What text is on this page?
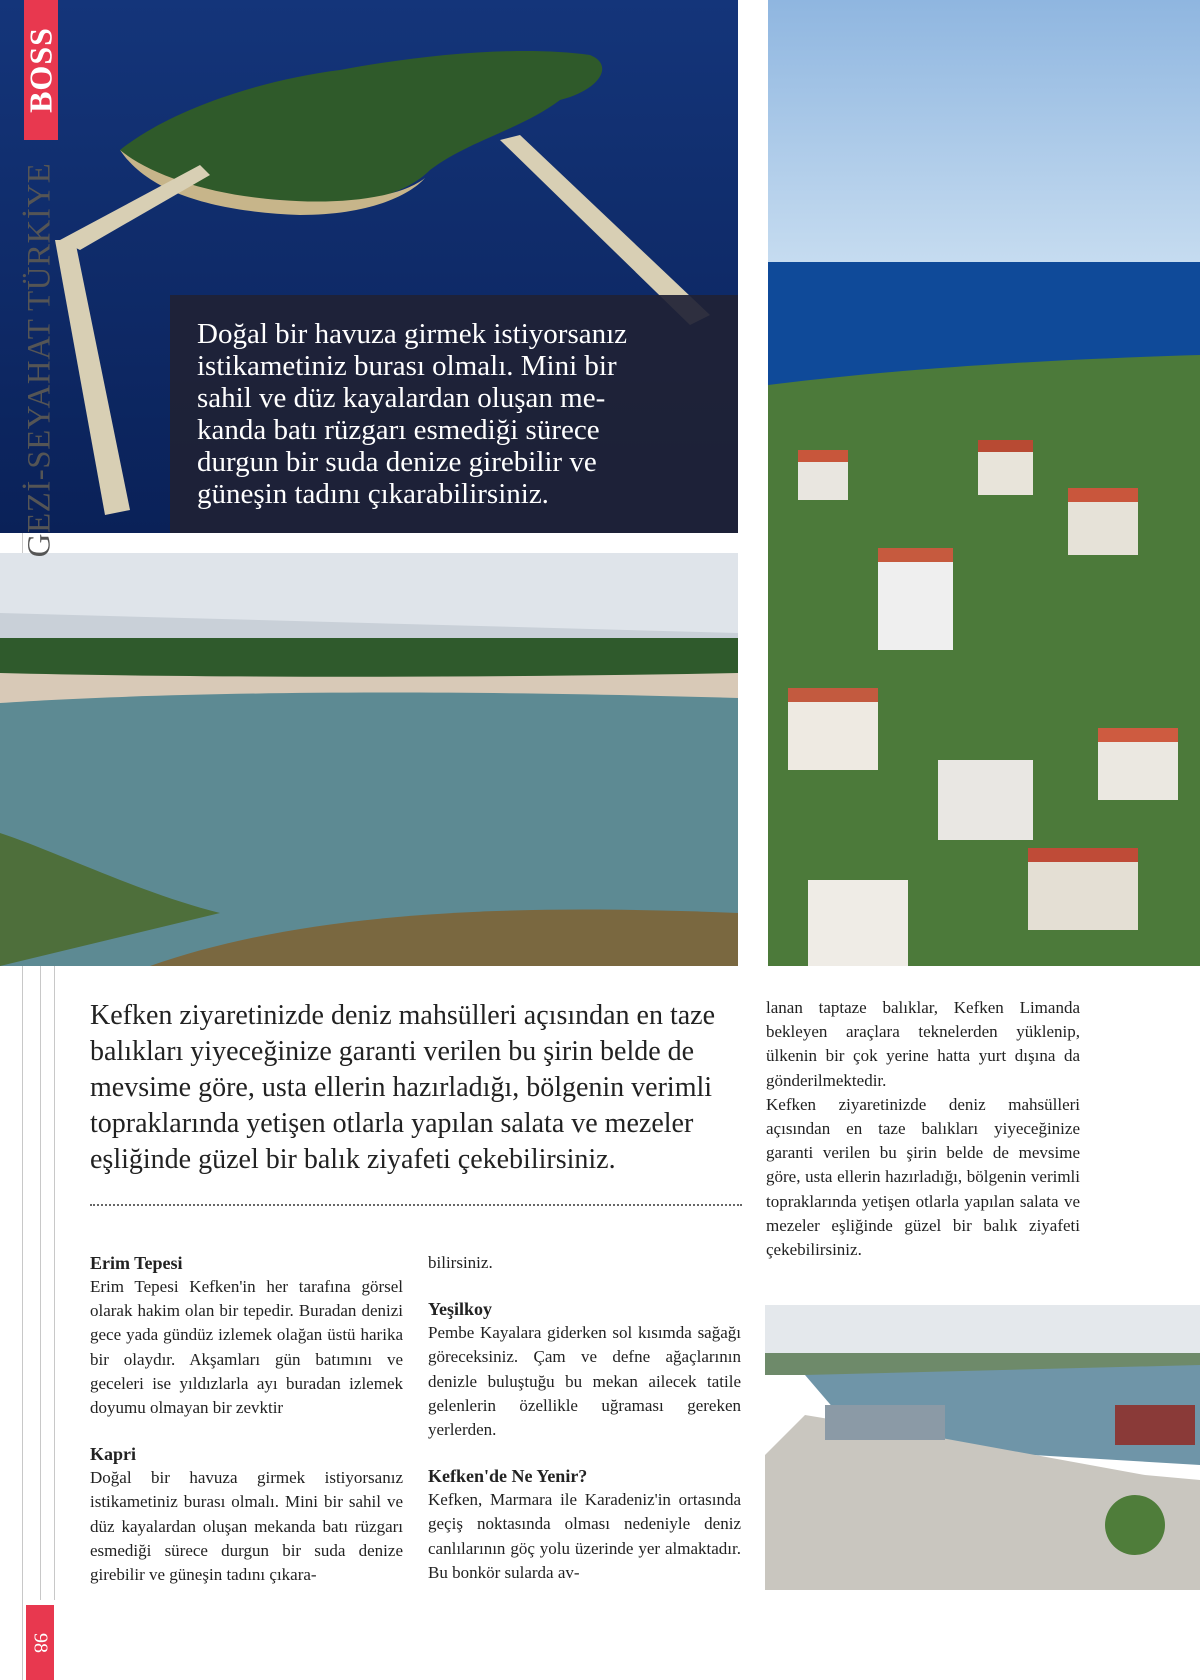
Doğal bir havuza girmek istiyorsanız
istikametiniz burası olmalı. Mini bir
sahil ve düz kayalardan oluşan me-
kanda batı rüzgarı esmediği sürece
durgun bir suda denize girebilir ve
güneşin tadını çıkarabilirsiniz.
BOSS
GEZİ-SEYAHAT TÜRKİYE
Kefken ziyaretinizde deniz mahsülleri açısından en taze balıkları yiyeceğinize garanti verilen bu şirin belde de mevsime göre, usta ellerin hazırladığı, bölgenin verimli topraklarında yetişen otlarla yapılan salata ve mezeler eşliğinde güzel bir balık ziyafeti çekebilirsiniz.
Erim Tepesi

Erim Tepesi Kefken'in her tarafına görsel olarak hakim olan bir tepedir. Buradan denizi gece yada gündüz izlemek olağan üstü harika bir olaydır. Akşamları gün batımını ve geceleri ise yıldızlarla ayı buradan izlemek doyumu olmayan bir zevktir

Kapri

Doğal bir havuza girmek istiyorsanız istikametiniz burası olmalı. Mini bir sahil ve düz kayalardan oluşan mekanda batı rüzgarı esmediği sürece durgun bir suda denize girebilir ve güneşin tadını çıkara-

bilirsiniz.

Yeşilkoy

Pembe Kayalara giderken sol kısımda sağağı göreceksiniz. Çam ve defne ağaçlarının denizle buluştuğu bu mekan ailecek tatile gelenlerin özellikle uğraması gereken yerlerden.

Kefken'de Ne Yenir?

Kefken, Marmara ile Karadeniz'in ortasında geçiş noktasında olması nedeniyle deniz canlılarının göç yolu üzerinde yer almaktadır. Bu bonkör sularda av-

lanan taptaze balıklar, Kefken Limanda bekleyen araçlara teknelerden yüklenip, ülkenin bir çok yerine hatta yurt dışına da gönderilmektedir.

Kefken ziyaretinizde deniz mahsülleri açısından en taze balıkları yiyeceğinize garanti verilen bu şirin belde de mevsime göre, usta ellerin hazırladığı, bölgenin verimli topraklarında yetişen otlarla yapılan salata ve mezeler eşliğinde güzel bir balık ziyafeti çekebilirsiniz.

98
